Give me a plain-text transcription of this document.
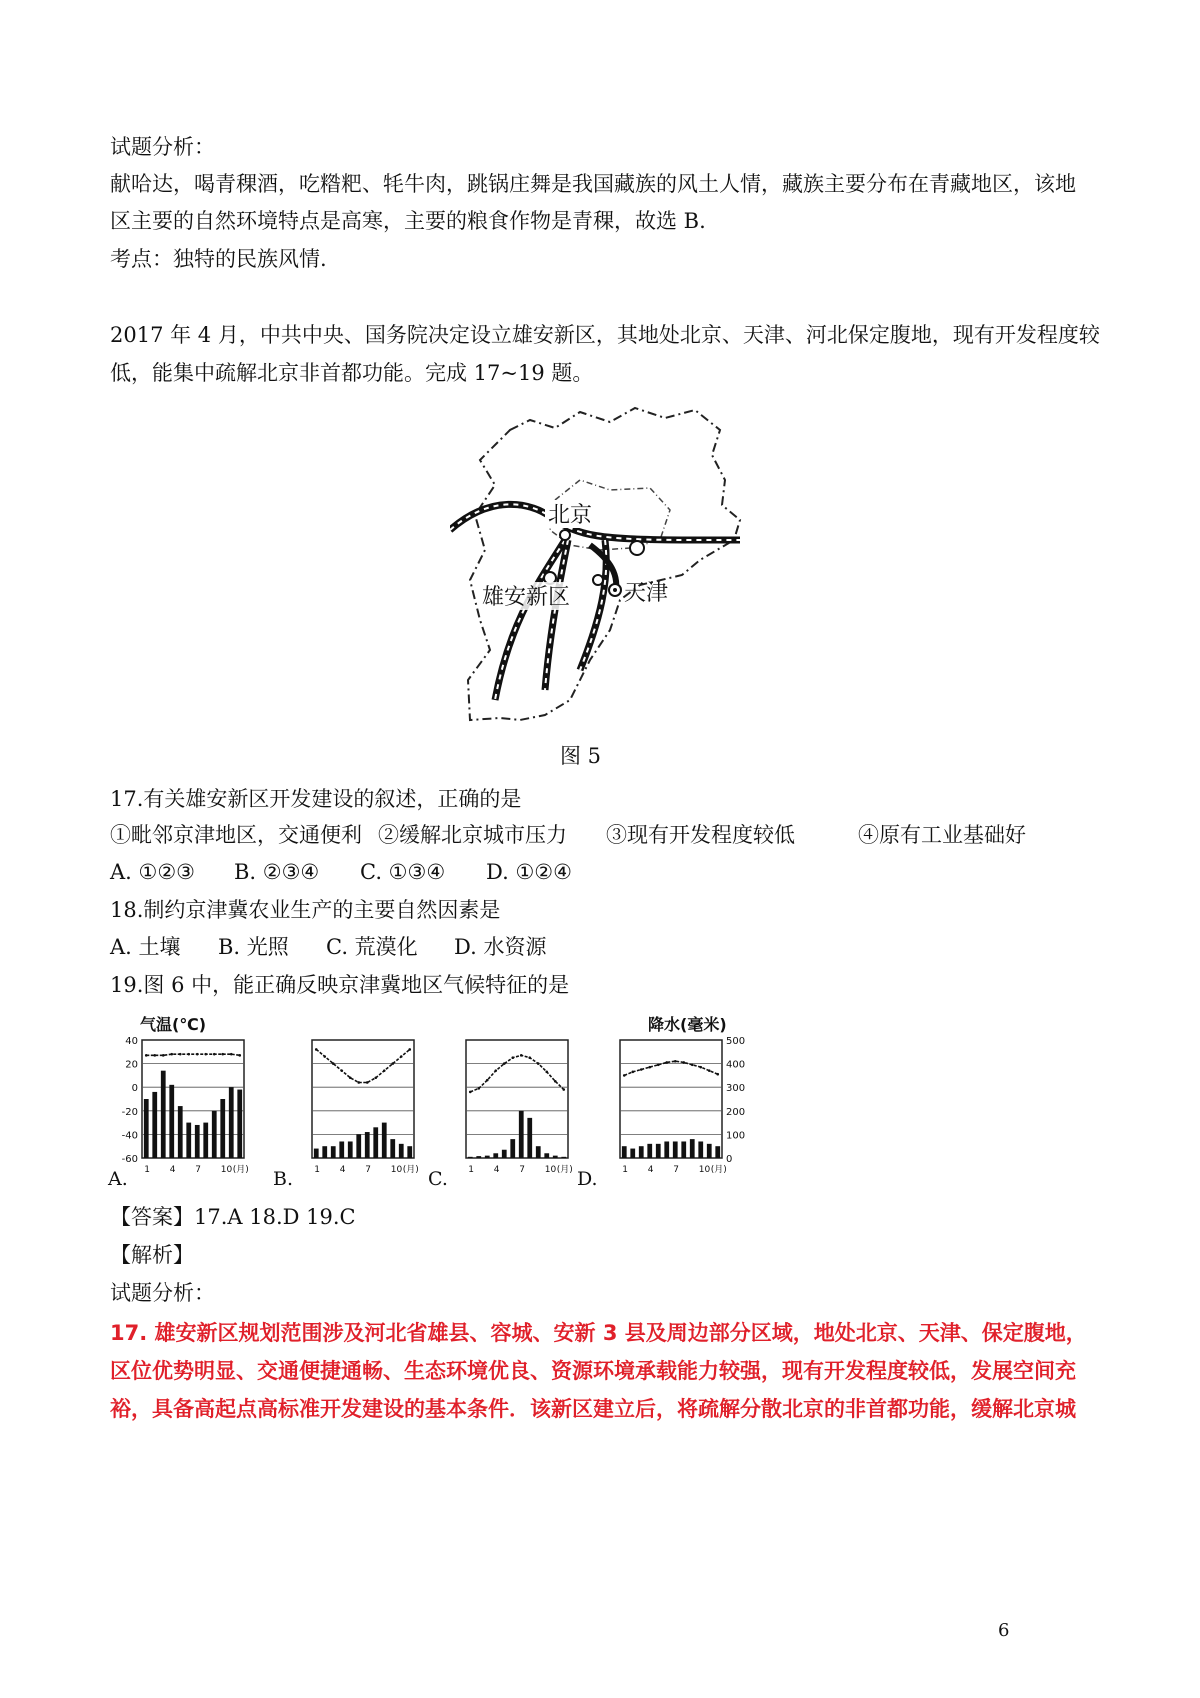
试题分析：
献哈达，喝青稞酒，吃糌粑、牦牛肉，跳锅庄舞是我国藏族的风土人情，藏族主要分布在青藏地区，该地
区主要的自然环境特点是高寒，主要的粮食作物是青稞，故选 B.
考点：独特的民族风情.
2017 年 4 月，中共中央、国务院决定设立雄安新区，其地处北京、天津、河北保定腹地，现有开发程度较
低，能集中疏解北京非首都功能。完成 17~19 题。
北京
雄安新区 天津
图 5
17.有关雄安新区开发建设的叙述，正确的是
①毗邻京津地区，交通便利 ②缓解北京城市压力 ③现有开发程度较低	④原有工业基础好
A. ①②③ B. ②③④ C. ①③④ D. ①②④
18.制约京津冀农业生产的主要自然因素是
A. 土壤 B. 光照 C. 荒漠化 D. 水资源
19.图 6 中，能正确反映京津冀地区气候特征的是
气温(℃)	降水(毫米)
1 4 7 10 (月)	1 4 7 10 (月)	1 4 7 10 (月)	1 4 7 10 (月)
40
20
0
-20
-40
-60
500
400
300
200
100
0
A.	B.	C.	D.
【答案】17.A 18.D 19.C
【解析】
试题分析：
17. 雄安新区规划范围涉及河北省雄县、容城、安新 3 县及周边部分区域，地处北京、天津、保定腹地，
区位优势明显、交通便捷通畅、生态环境优良、资源环境承载能力较强，现有开发程度较低，发展空间充
裕，具备高起点高标准开发建设的基本条件．该新区建立后，将疏解分散北京的非首都功能，缓解北京城
6
